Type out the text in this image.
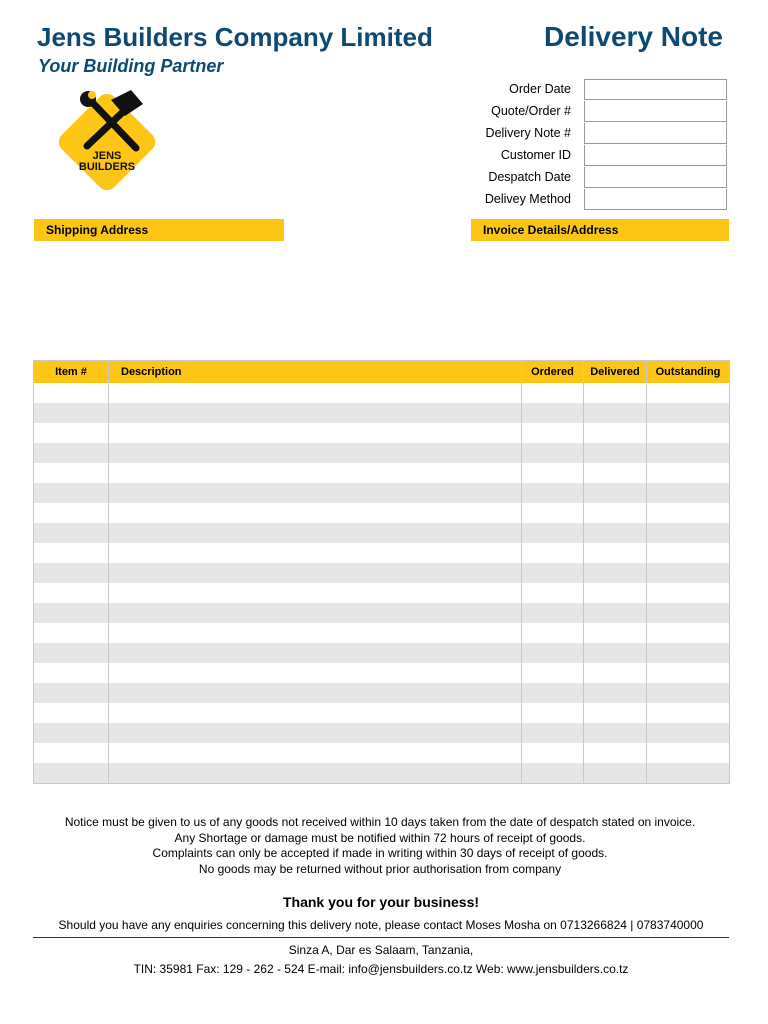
Jens Builders Company Limited
Your Building Partner
Delivery Note
JENS
BUILDERS
Order Date
Quote/Order #
Delivery Note #
Customer ID
Despatch Date
Delivey Method
Shipping Address	Invoice Details/Address
Item #	Description	Ordered	Delivered	Outstanding

Notice must be given to us of any goods not received within 10 days taken from the date of despatch stated on invoice.
Any Shortage or damage must be notified within 72 hours of receipt of goods.
Complaints can only be accepted if made in writing within 30 days of receipt of goods.
No goods may be returned without prior authorisation from company
Thank you for your business!
Should you have any enquiries concerning this delivery note, please contact Moses Mosha on 0713266824 | 0783740000
Sinza A, Dar es Salaam, Tanzania,
TIN: 35981 Fax: 129 - 262 - 524 E-mail: info@jensbuilders.co.tz Web: www.jensbuilders.co.tz
